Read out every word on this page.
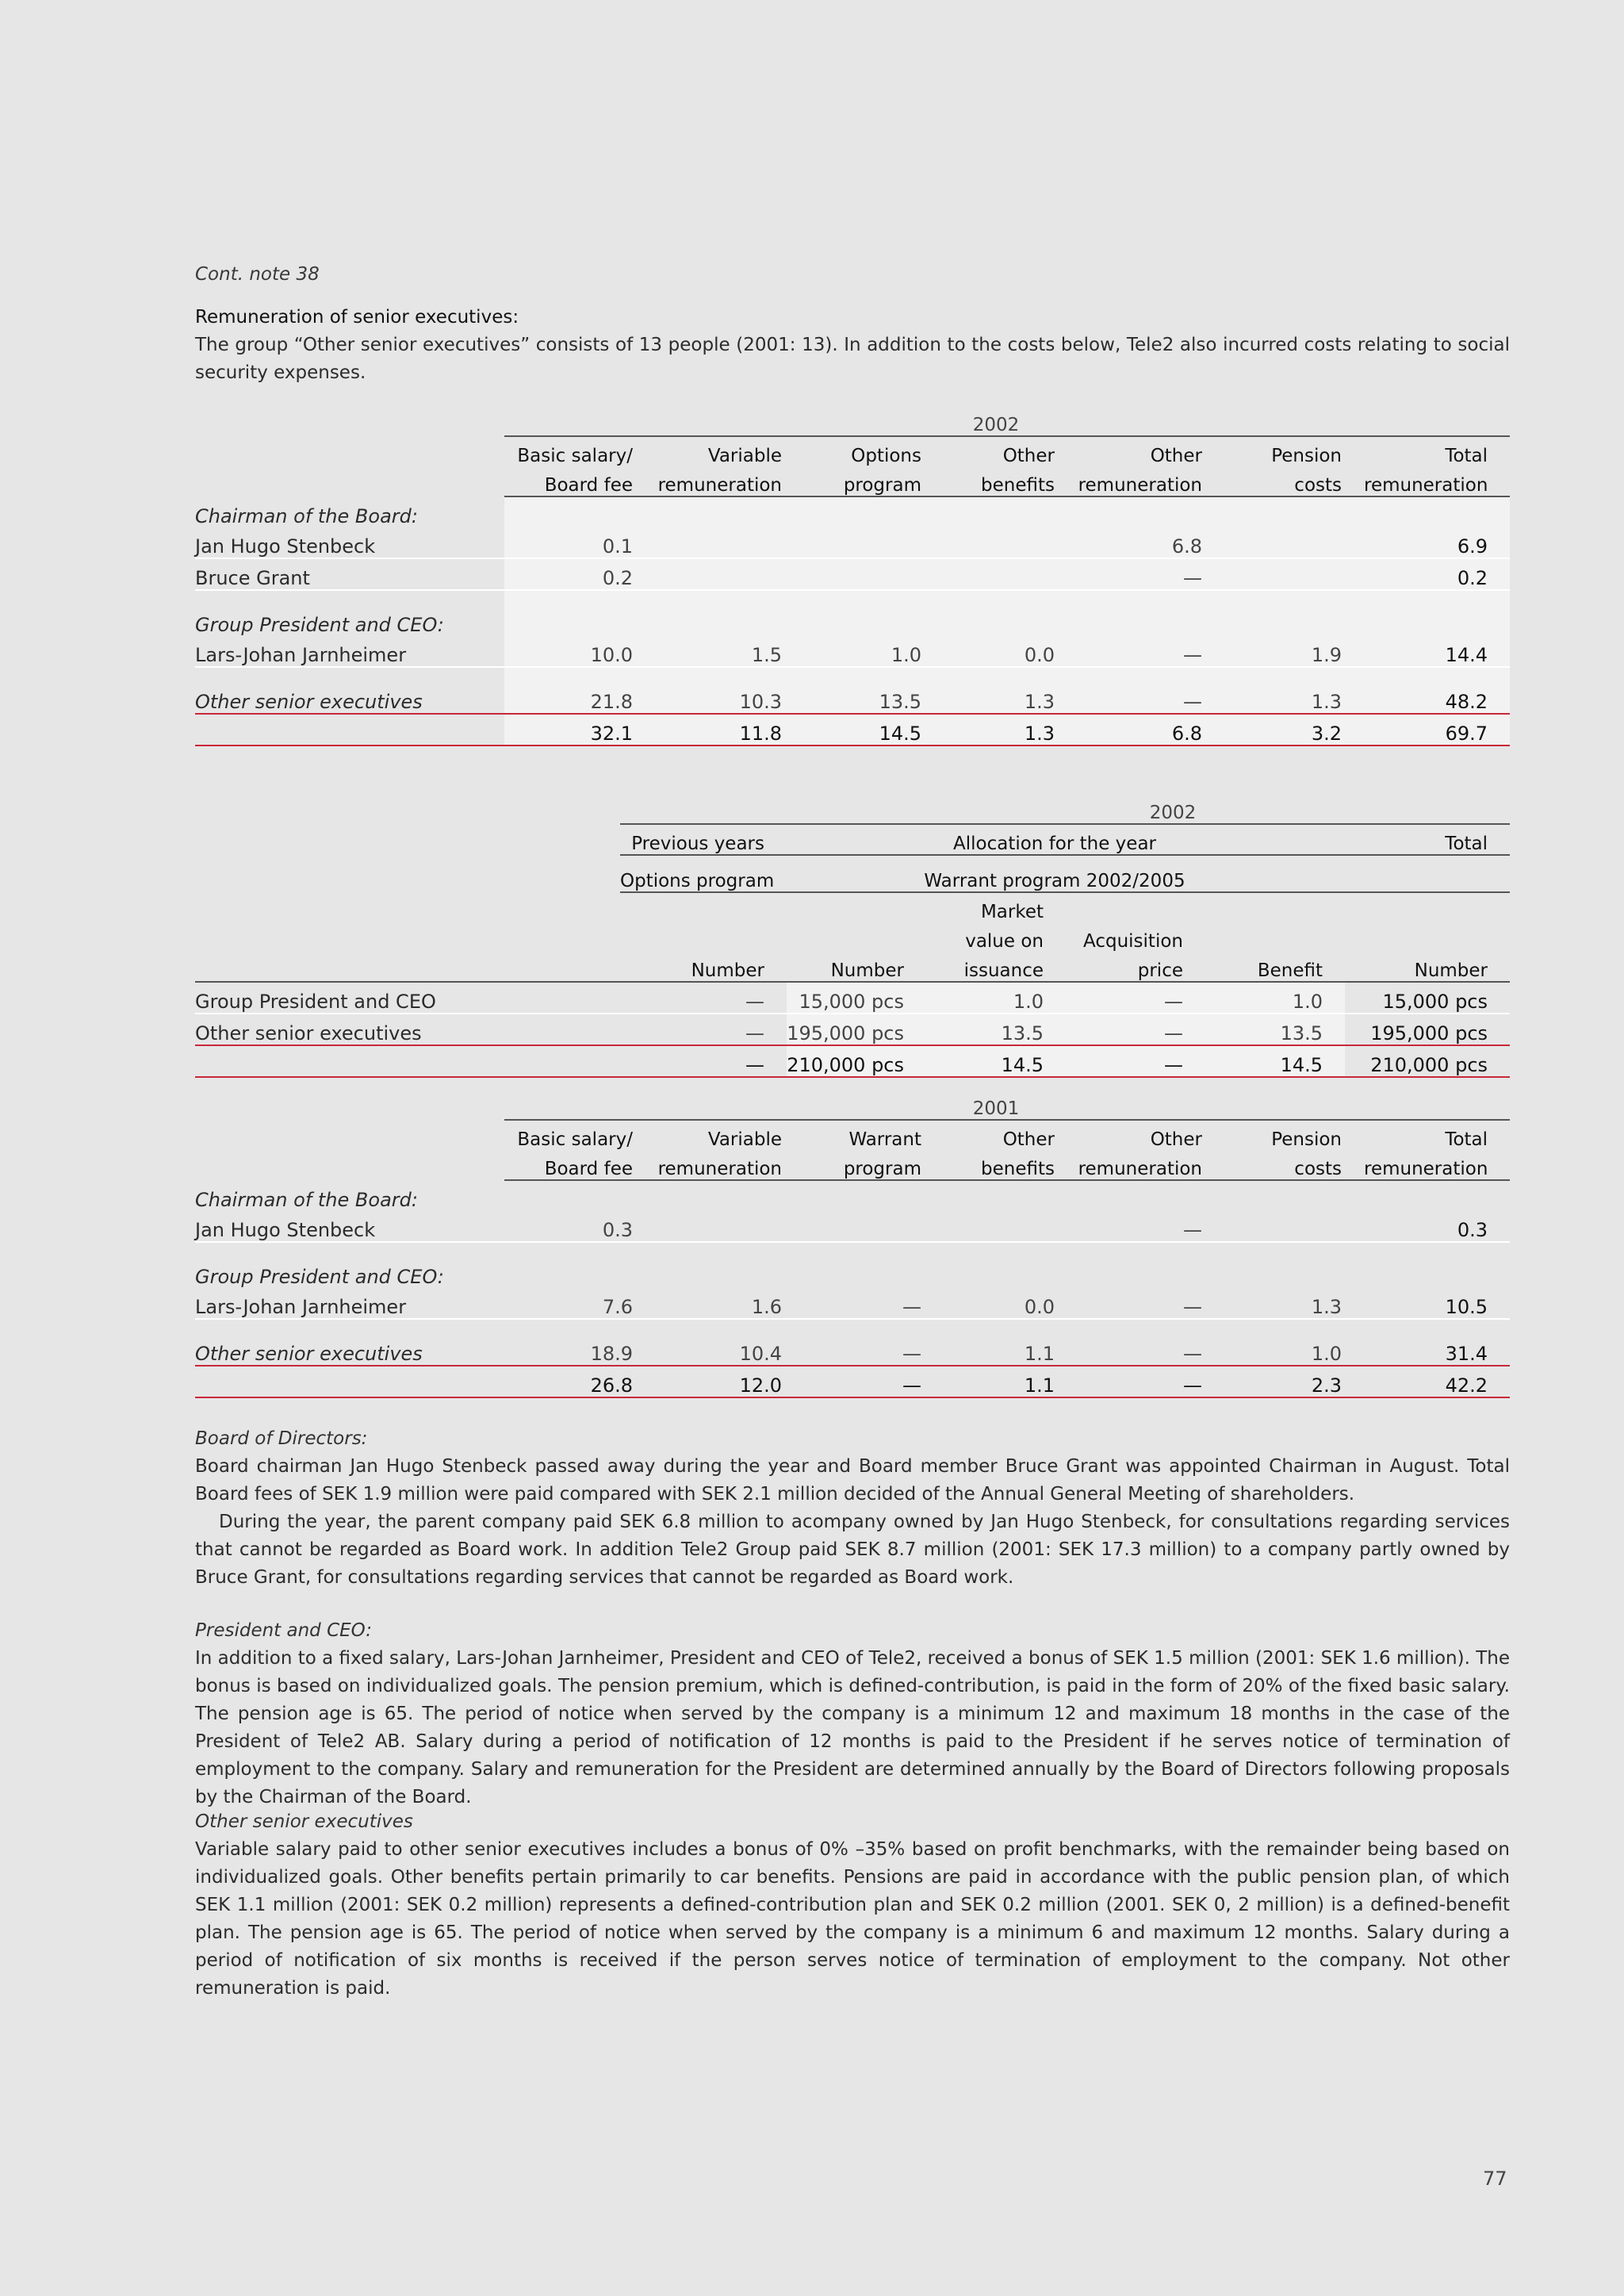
Cont. note 38
Remuneration of senior executives:
The group “Other senior executives” consists of 13 people (2001: 13). In addition to the costs below, Tele2 also incurred costs relating to social security expenses.
	2002						
	Basic salary/	Variable	Options	Other	Other	Pension	Total
	Board fee	remuneration	program	benefits	remuneration	costs	remuneration
Chairman of the Board:							
Jan Hugo Stenbeck	0.1				6.8		6.9
Bruce Grant	0.2				—		0.2
Group President and CEO:							
Lars-Johan Jarnheimer	10.0	1.5	1.0	0.0	—	1.9	14.4
Other senior executives	21.8	10.3	13.5	1.3	—	1.3	48.2
	32.1	11.8	14.5	1.3	6.8	3.2	69.7
	2002					
	Previous years	Allocation for the year				Total

	Options program	Warrant program 2002/2005				
			Market			
			value on	Acquisition		
	Number	Number	issuance	price	Benefit	Number
Group President and CEO	—	15,000 pcs	1.0	—	1.0	15,000 pcs
Other senior executives	—	195,000 pcs	13.5	—	13.5	195,000 pcs
	—	210,000 pcs	14.5	—	14.5	210,000 pcs
	2001						
	Basic salary/	Variable	Warrant	Other	Other	Pension	Total
	Board fee	remuneration	program	benefits	remuneration	costs	remuneration
Chairman of the Board:							
Jan Hugo Stenbeck	0.3				—		0.3
Group President and CEO:							
Lars-Johan Jarnheimer	7.6	1.6	—	0.0	—	1.3	10.5
Other senior executives	18.9	10.4	—	1.1	—	1.0	31.4
	26.8	12.0	—	1.1	—	2.3	42.2
Board of Directors:

Board chairman Jan Hugo Stenbeck passed away during the year and Board member Bruce Grant was appointed Chairman in August. Total Board fees of SEK 1.9 million were paid compared with SEK 2.1 million decided of the Annual General Meeting of shareholders.

During the year, the parent company paid SEK 6.8 million to acompany owned by Jan Hugo Stenbeck, for consultations regarding services that cannot be regarded as Board work. In addition Tele2 Group paid SEK 8.7 million (2001: SEK 17.3 million) to a company partly owned by Bruce Grant, for consultations regarding services that cannot be regarded as Board work.

President and CEO:

In addition to a fixed salary, Lars-Johan Jarnheimer, President and CEO of Tele2, received a bonus of SEK 1.5 million (2001: SEK 1.6 million). The bonus is based on individualized goals. The pension premium, which is defined-contribution, is paid in the form of 20% of the fixed basic salary. The pension age is 65. The period of notice when served by the company is a minimum 12 and maximum 18 months in the case of the President of Tele2 AB. Salary during a period of notification of 12 months is paid to the President if he serves notice of termination of employment to the company. Salary and remuneration for the President are determined annually by the Board of Directors following proposals by the Chairman of the Board.

Other senior executives

Variable salary paid to other senior executives includes a bonus of 0% –35% based on profit benchmarks, with the remainder being based on individualized goals. Other benefits pertain primarily to car benefits. Pensions are paid in accordance with the public pension plan, of which SEK 1.1 million (2001: SEK 0.2 million) represents a defined-contribution plan and SEK 0.2 million (2001. SEK 0, 2 million) is a defined-benefit plan. The pension age is 65. The period of notice when served by the company is a minimum 6 and maximum 12 months. Salary during a period of notification of six months is received if the person serves notice of termination of employment to the company. Not other remuneration is paid.

77
